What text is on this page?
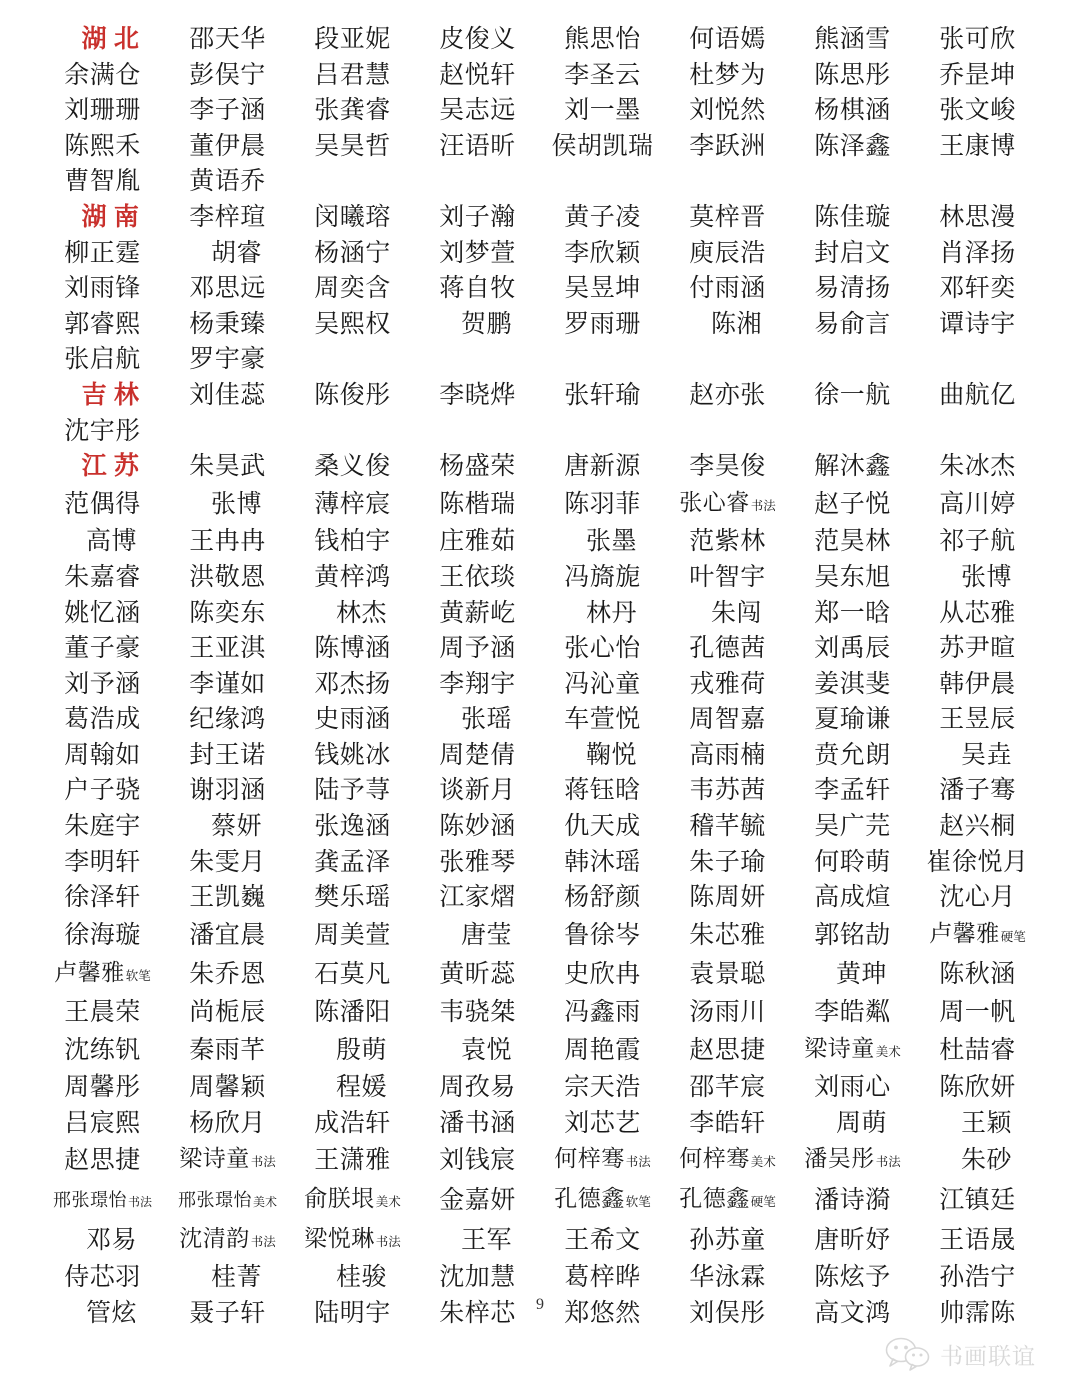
湖 北	邵天华	段亚妮	皮俊义	熊思怡	何语嫣	熊涵雪	张可欣
余满仓	彭俣宁	吕君慧	赵悦轩	李圣云	杜梦为	陈思彤	乔昰坤
刘珊珊	李子涵	张龚睿	吴志远	刘一墨	刘悦然	杨棋涵	张文峻
陈熙禾	董伊晨	吴昊哲	汪语昕	侯胡凯瑞	李跃洲	陈泽鑫	王康博
曹智胤	黄语乔						
湖 南	李梓瑄	闵曦瑢	刘子瀚	黄子凌	莫梓晋	陈佳璇	林思漫
柳正霆	胡睿	杨涵宁	刘梦萱	李欣颖	庾辰浩	封启文	肖泽扬
刘雨锋	邓思远	周奕含	蒋自牧	吴昱坤	付雨涵	易清扬	邓轩奕
郭睿熙	杨秉臻	吴熙权	贺鹏	罗雨珊	陈湘	易俞言	谭诗宇
张启航	罗宇豪						
吉 林	刘佳蕊	陈俊彤	李晓烨	张轩瑜	赵亦张	徐一航	曲航亿
沈宇彤							
江 苏	朱昊武	桑义俊	杨盛荣	唐新源	李昊俊	解沐鑫	朱冰杰
范偶得	张博	薄梓宸	陈楷瑞	陈羽菲	张心睿书法	赵子悦	高川婷
高博	王冉冉	钱柏宇	庄雅茹	张墨	范紫林	范昊林	祁子航
朱嘉睿	洪敬恩	黄梓鸿	王依琰	冯旖旎	叶智宇	吴东旭	张博
姚忆涵	陈奕东	林杰	黄薪屹	林丹	朱闯	郑一晗	从芯雅
董子豪	王亚淇	陈博涵	周予涵	张心怡	孔德茜	刘禹辰	苏尹暄
刘予涵	李谨如	邓杰扬	李翔宇	冯沁童	戎雅荷	姜淇斐	韩伊晨
葛浩成	纪缘鸿	史雨涵	张瑶	车萱悦	周智嘉	夏瑜谦	王昱辰
周翰如	封王诺	钱姚冰	周楚倩	鞠悦	高雨楠	贲允朗	吴垚
户子骁	谢羽涵	陆予荨	谈新月	蒋钰晗	韦苏茜	李孟轩	潘子骞
朱庭宇	蔡妍	张逸涵	陈妙涵	仇天成	稽芊毓	吴广芫	赵兴桐
李明轩	朱雯月	龚孟泽	张雅琴	韩沐瑶	朱子瑜	何聆萌	崔徐悦月
徐泽轩	王凯巍	樊乐瑶	江家熠	杨舒颜	陈周妍	高成煊	沈心月
徐海璇	潘宜晨	周美萱	唐莹	鲁徐岑	朱芯雅	郭铭劼	卢馨雅硬笔
卢馨雅软笔	朱乔恩	石莫凡	黄昕蕊	史欣冉	袁景聪	黄珅	陈秋涵
王晨荣	尚栀辰	陈潘阳	韦骁桀	冯鑫雨	汤雨川	李皓粼	周一帆
沈练钒	秦雨芊	殷萌	袁悦	周艳霞	赵思捷	梁诗童美术	杜喆睿
周馨彤	周馨颖	程媛	周孜易	宗天浩	邵芊宸	刘雨心	陈欣妍
吕宸熙	杨欣月	成浩轩	潘书涵	刘芯艺	李皓轩	周萌	王颖
赵思捷	梁诗童书法	王潇雅	刘钱宸	何梓骞书法	何梓骞美术	潘吴彤书法	朱砂
邢张璟怡书法	邢张璟怡美术	俞朕垠美术	金嘉妍	孔德鑫软笔	孔德鑫硬笔	潘诗漪	江镇廷
邓易	沈清韵书法	梁悦琳书法	王军	王希文	孙苏童	唐昕妤	王语晟
侍芯羽	桂菁	桂骏	沈加慧	葛梓晔	华泳霖	陈炫予	孙浩宁
管炫	聂子轩	陆明宇	朱梓芯	郑悠然	刘俣彤	高文鸿	帅霈陈
9
书画联谊
